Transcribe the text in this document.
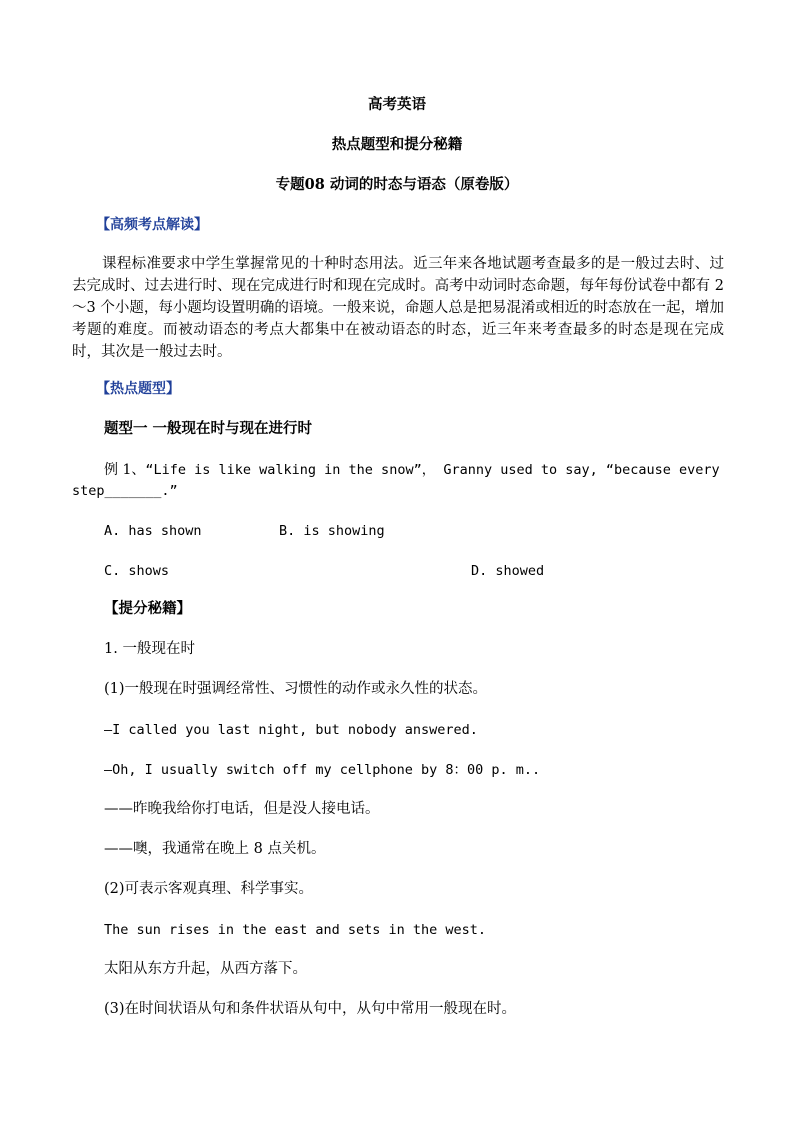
高考英语
热点题型和提分秘籍
专题08 动词的时态与语态（原卷版）
【高频考点解读】
课程标准要求中学生掌握常见的十种时态用法。近三年来各地试题考查最多的是一般过去时、过去完成时、过去进行时、现在完成进行时和现在完成时。高考中动词时态命题，每年每份试卷中都有 2～3 个小题，每小题均设置明确的语境。一般来说，命题人总是把易混淆或相近的时态放在一起，增加考题的难度。而被动语态的考点大都集中在被动语态的时态，近三年来考查最多的时态是现在完成时，其次是一般过去时。
【热点题型】
题型一 一般现在时与现在进行时
例 1、“Life is like walking in the snow”， Granny used to say, “because every
step_______.”
A. has shown	B. is showing
C. shows	D. showed
【提分秘籍】
1. 一般现在时
(1)一般现在时强调经常性、习惯性的动作或永久性的状态。
—I called you last night, but nobody answered.
—Oh, I usually switch off my cellphone by 8：00 p. m..
——昨晚我给你打电话，但是没人接电话。
——噢，我通常在晚上 8 点关机。
(2)可表示客观真理、科学事实。
The sun rises in the east and sets in the west.
太阳从东方升起，从西方落下。
(3)在时间状语从句和条件状语从句中，从句中常用一般现在时。
